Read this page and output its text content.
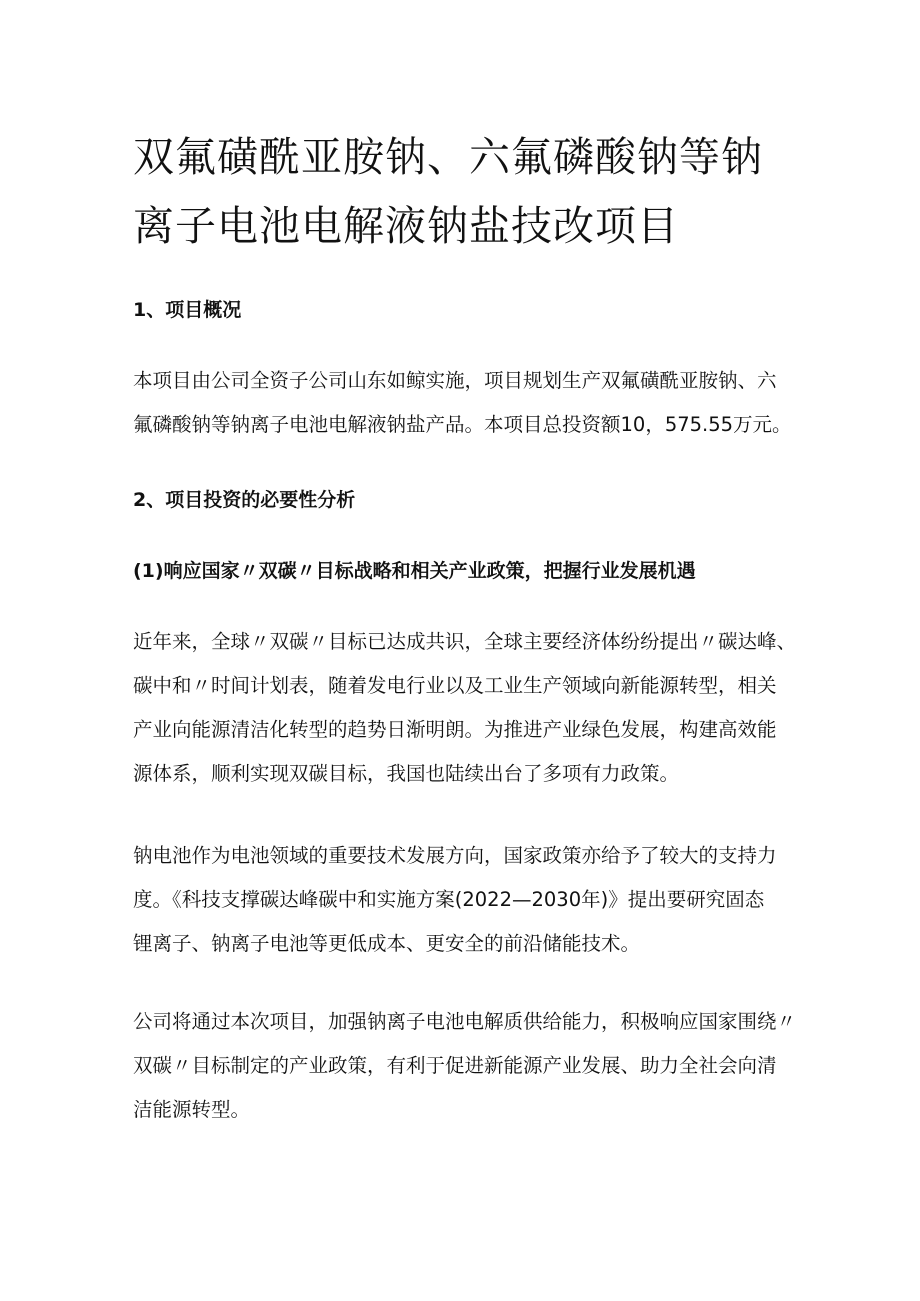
双氟磺酰亚胺钠、六氟磷酸钠等钠
离子电池电解液钠盐技改项目
1、项目概况

本项目由公司全资子公司山东如鲸实施，项目规划生产双氟磺酰亚胺钠、六
氟磷酸钠等钠离子电池电解液钠盐产品。本项目总投资额10，575.55万元。

2、项目投资的必要性分析
(1)响应国家〃双碳〃目标战略和相关产业政策，把握行业发展机遇

近年来，全球〃双碳〃目标已达成共识，全球主要经济体纷纷提出〃碳达峰、
碳中和〃时间计划表，随着发电行业以及工业生产领域向新能源转型，相关
产业向能源清洁化转型的趋势日渐明朗。为推进产业绿色发展，构建高效能
源体系，顺利实现双碳目标，我国也陆续出台了多项有力政策。

钠电池作为电池领域的重要技术发展方向，国家政策亦给予了较大的支持力
度。《科技支撑碳达峰碳中和实施方案(2022—2030年)》提出要研究固态
锂离子、钠离子电池等更低成本、更安全的前沿储能技术。

公司将通过本次项目，加强钠离子电池电解质供给能力，积极响应国家围绕〃
双碳〃目标制定的产业政策，有利于促进新能源产业发展、助力全社会向清
洁能源转型。
